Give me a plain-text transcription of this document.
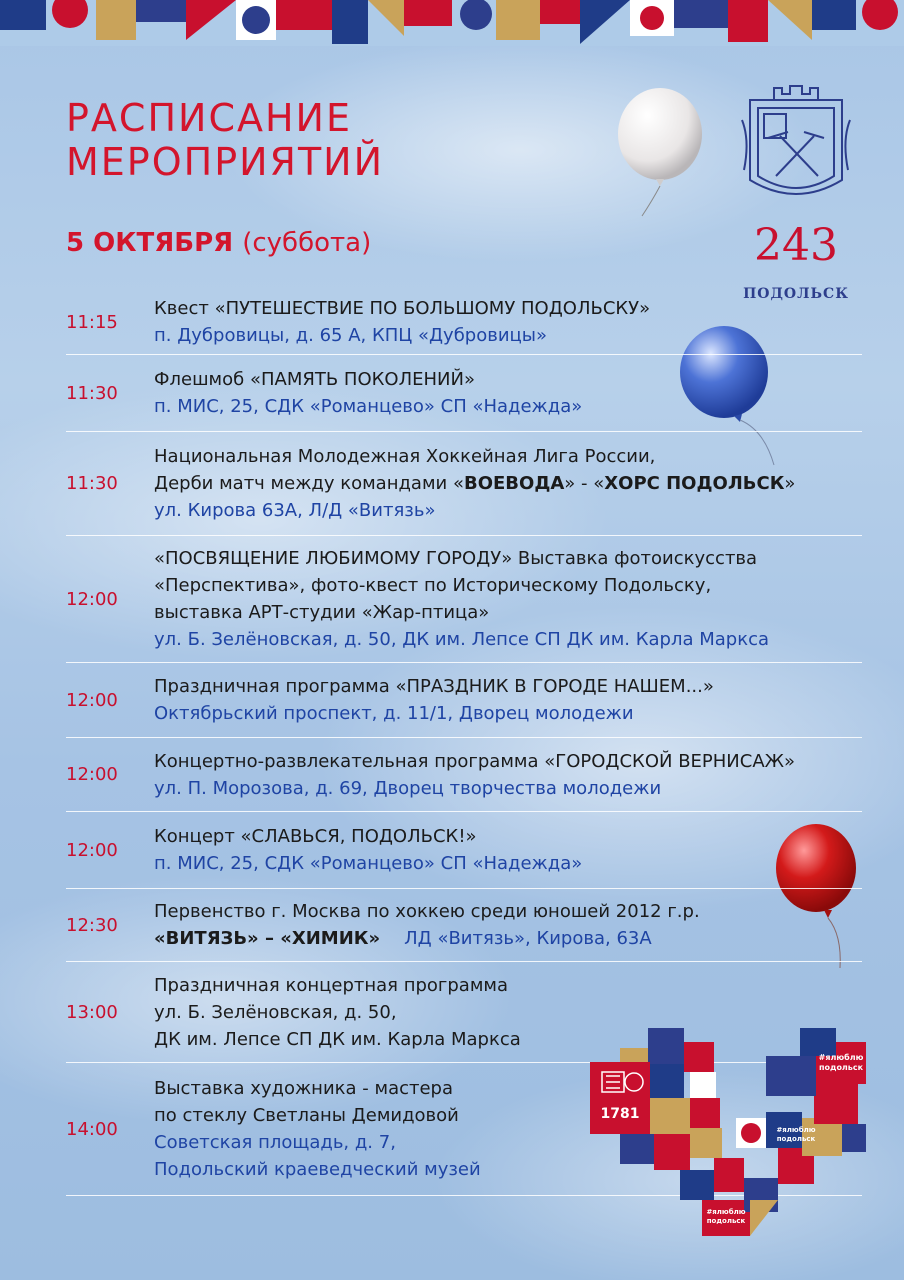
РАСПИСАНИЕ
МЕРОПРИЯТИЙ
5 ОКТЯБРЯ (суббота)	243
ПОДОЛЬСК
11:15
Квест «ПУТЕШЕСТВИЕ ПО БОЛЬШОМУ ПОДОЛЬСКУ»
п. Дубровицы, д. 65 А, КПЦ «Дубровицы»
11:30
Флешмоб «ПАМЯТЬ ПОКОЛЕНИЙ»
п. МИС, 25, СДК «Романцево» СП «Надежда»
11:30
Национальная Молодежная Хоккейная Лига России,
Дерби матч между командами «ВОЕВОДА» - «ХОРС ПОДОЛЬСК»
ул. Кирова 63А, Л/Д «Витязь»
12:00
«ПОСВЯЩЕНИЕ ЛЮБИМОМУ ГОРОДУ» Выставка фотоискусства
«Перспектива», фото-квест по Историческому Подольску,
выставка АРТ-студии «Жар-птица»
ул. Б. Зелёновская, д. 50, ДК им. Лепсе СП ДК им. Карла Маркса
12:00
Праздничная программа «ПРАЗДНИК В ГОРОДЕ НАШЕМ...»
Октябрьский проспект, д. 11/1, Дворец молодежи
12:00
Концертно-развлекательная программа «ГОРОДСКОЙ ВЕРНИСАЖ»
ул. П. Морозова, д. 69, Дворец творчества молодежи
12:00
Концерт «СЛАВЬСЯ, ПОДОЛЬСК!»
п. МИС, 25, СДК «Романцево» СП «Надежда»
12:30
Первенство г. Москва по хоккею среди юношей 2012 г.р.
«ВИТЯЗЬ» – «ХИМИК» ЛД «Витязь», Кирова, 63А
13:00
Праздничная концертная программа
ул. Б. Зелёновская, д. 50,
ДК им. Лепсе СП ДК им. Карла Маркса
14:00
Выставка художника - мастера
по стеклу Светланы Демидовой
Советская площадь, д. 7,
Подольский краеведческий музей
1781
#ялюблю
подольск
#ялюблю
подольск
#ялюблю
подольск
